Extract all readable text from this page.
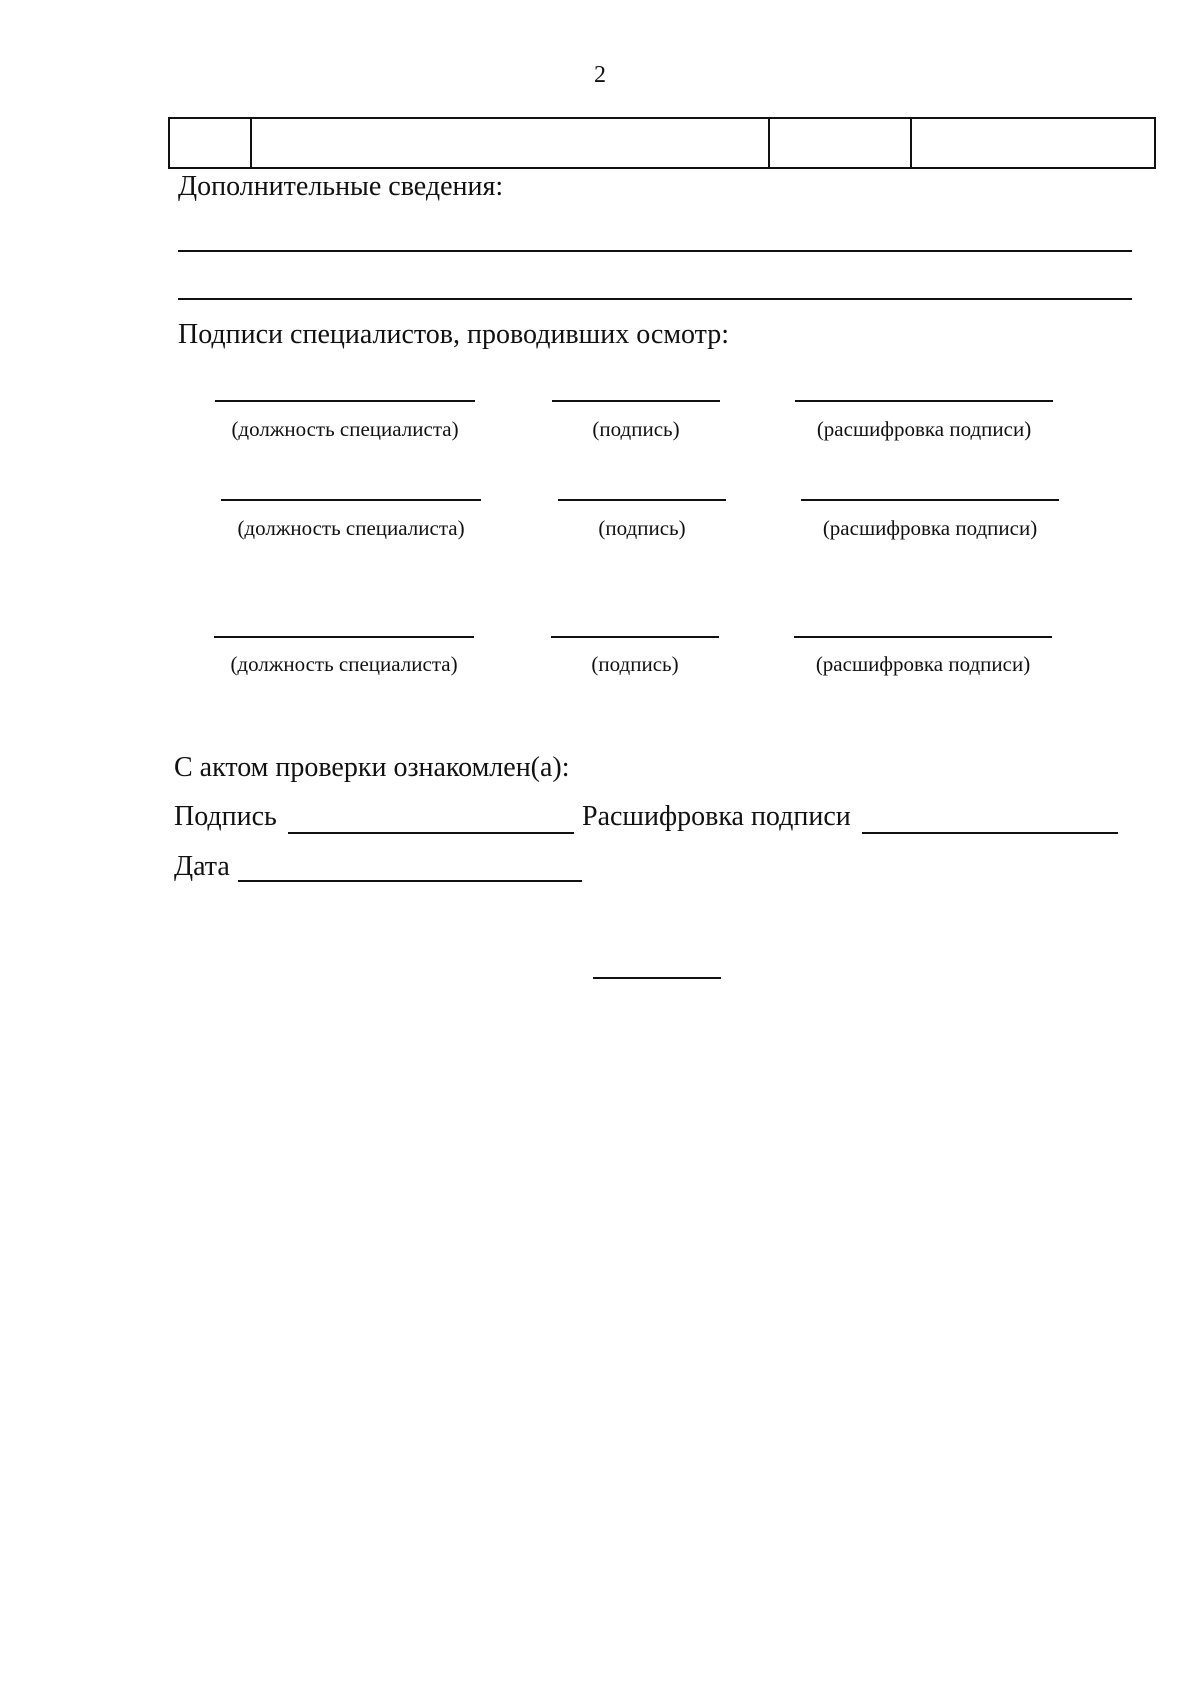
2

Дополнительные сведения:
Подписи специалистов, проводивших осмотр:
(должность специалиста)	(подпись)	(расшифровка подписи)
(должность специалиста)	(подпись)	(расшифровка подписи)
(должность специалиста)	(подпись)	(расшифровка подписи)
С актом проверки ознакомлен(а):
Подпись	Расшифровка подписи
Дата
